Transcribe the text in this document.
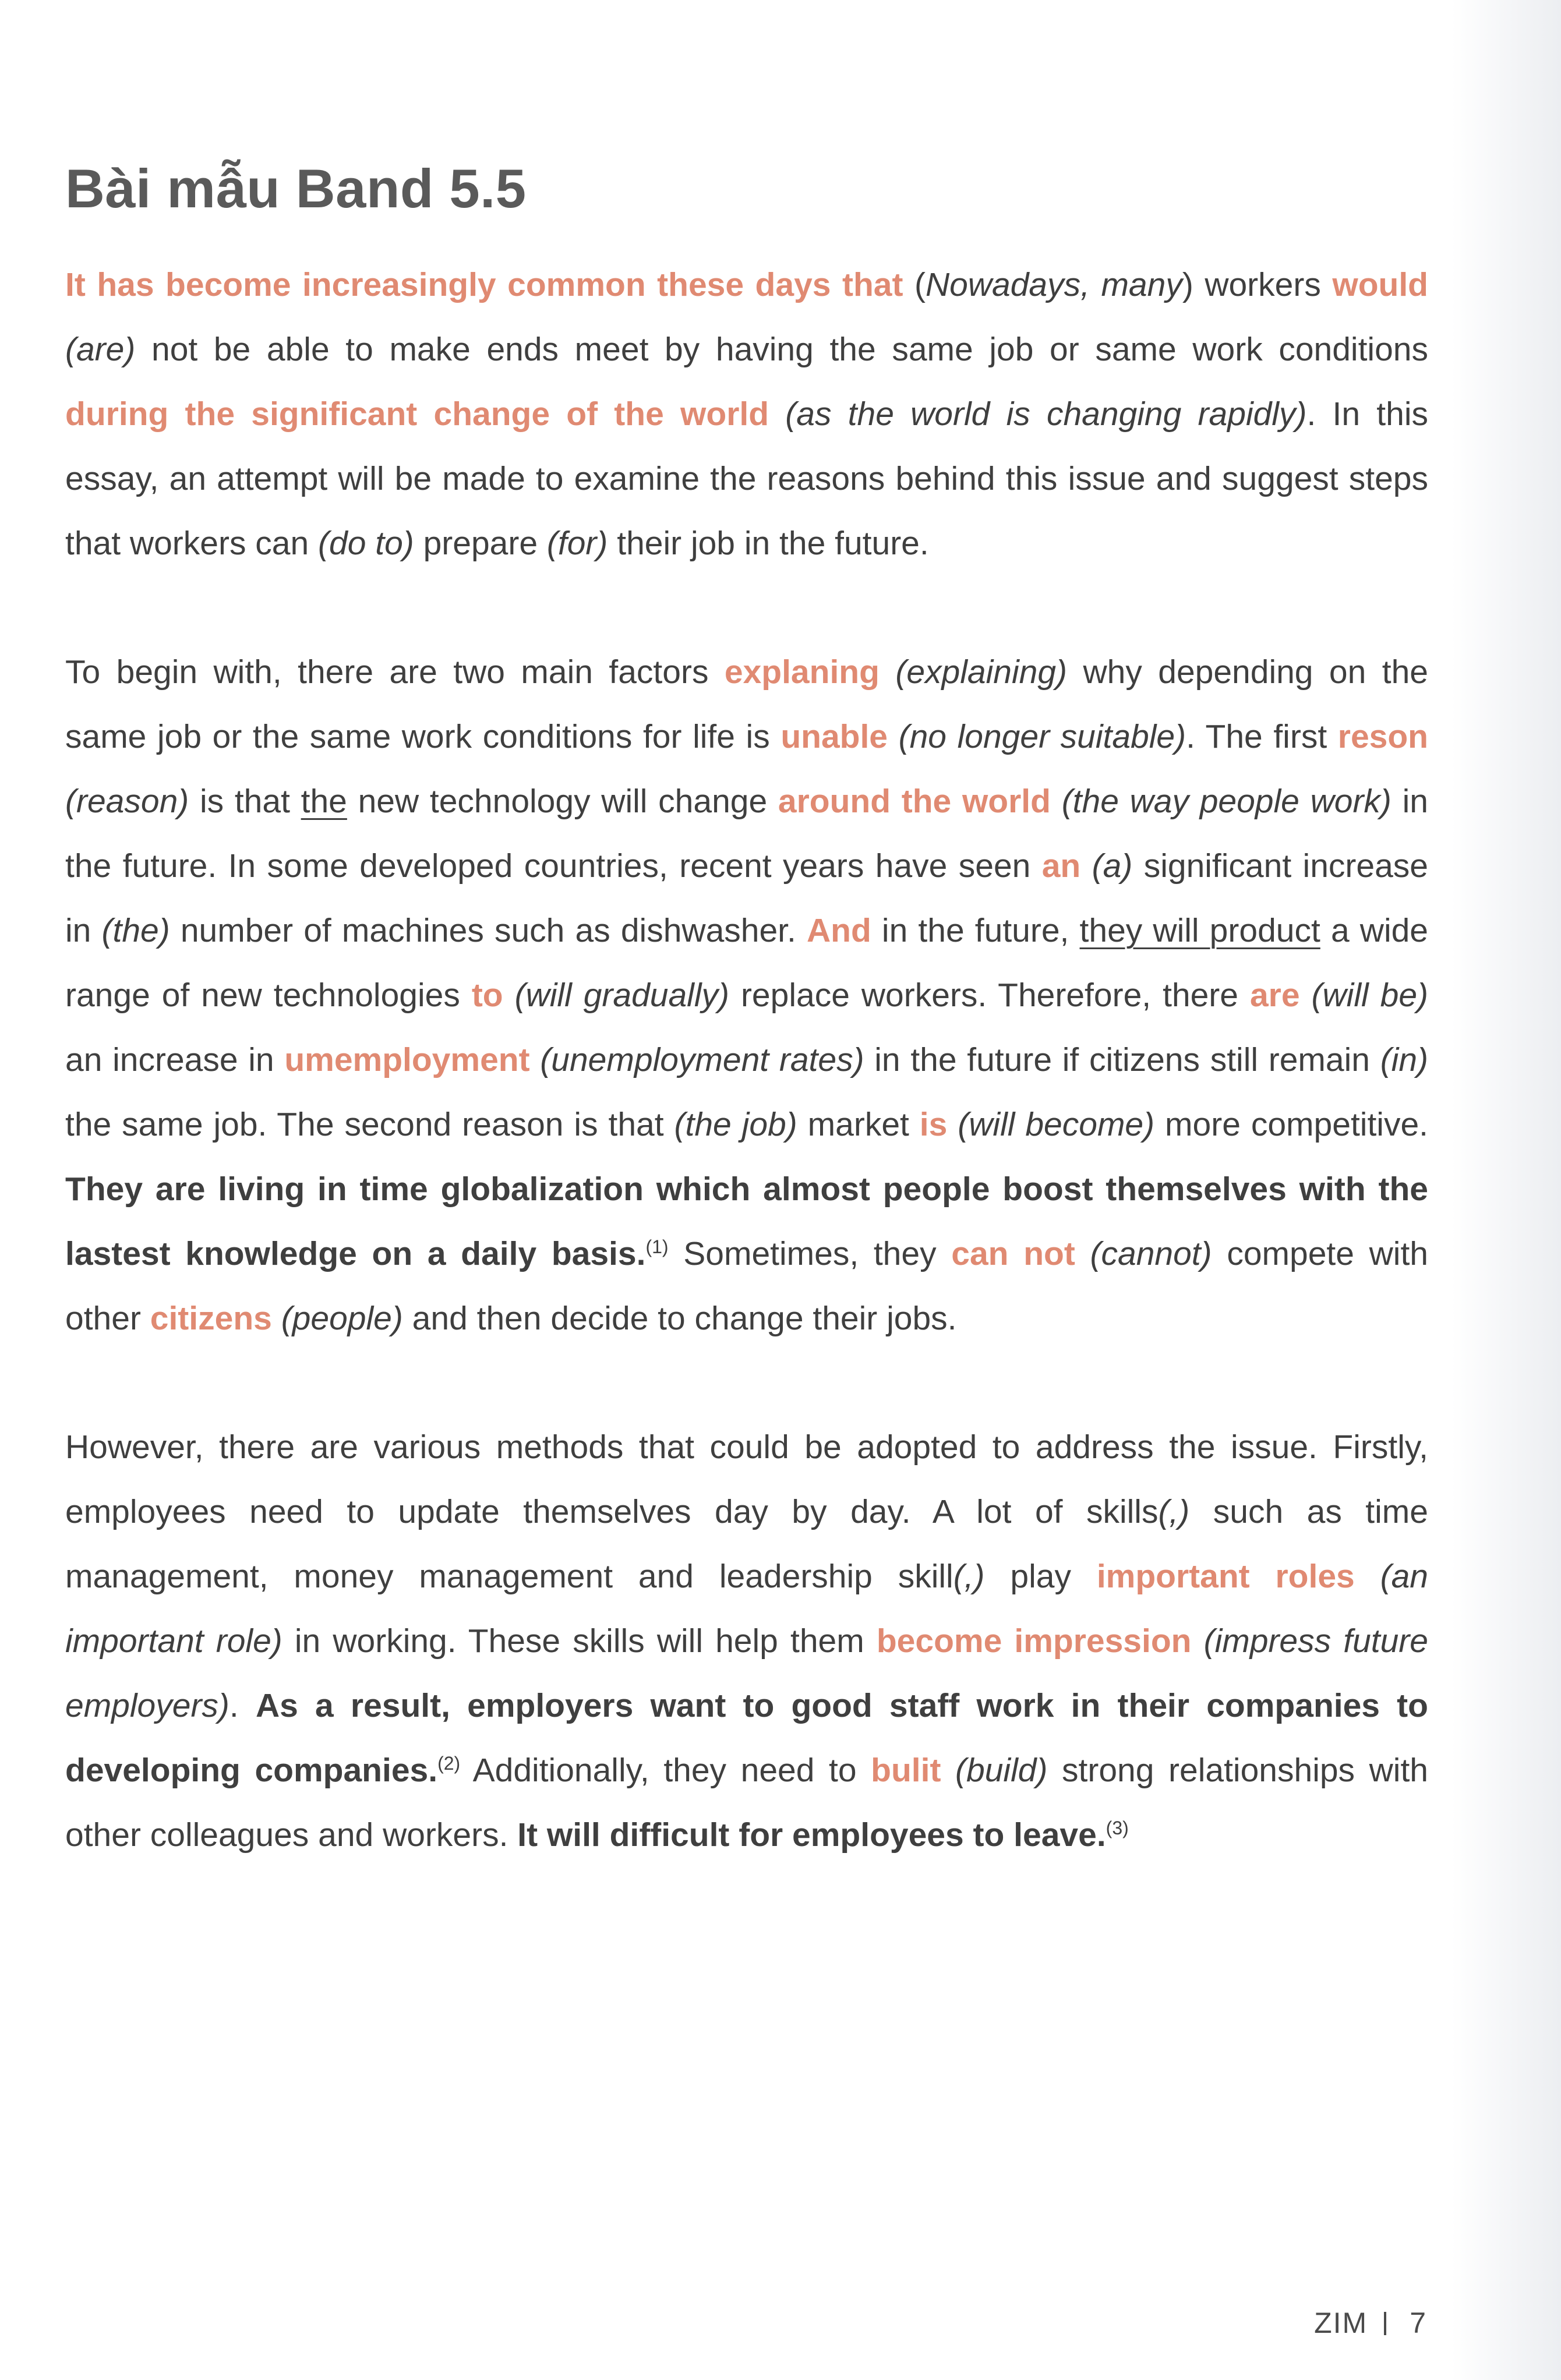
Bài mẫu Band 5.5

It has become increasingly common these days that (Nowadays, many) workers would (are) not be able to make ends meet by having the same job or same work conditions during the significant change of the world (as the world is changing rapidly). In this essay, an attempt will be made to examine the reasons behind this issue and suggest steps that workers can (do to) prepare (for) their job in the future.

To begin with, there are two main factors explaning (explaining) why depending on the same job or the same work conditions for life is unable (no longer suitable). The first reson (reason) is that the new technology will change around the world (the way people work) in the future. In some developed countries, recent years have seen an (a) significant increase in (the) number of machines such as dishwasher. And in the future, they will product a wide range of new technologies to (will gradually) replace workers. Therefore, there are (will be) an increase in umemployment (unemployment rates) in the future if citizens still remain (in) the same job. The second reason is that (the job) market is (will become) more competitive. They are living in time globalization which almost people boost themselves with the lastest knowledge on a daily basis.$^{(1)}$ Sometimes, they can not (cannot) compete with other citizens (people) and then decide to change their jobs.

However, there are various methods that could be adopted to address the issue. Firstly, employees need to update themselves day by day. A lot of skills(,) such as time management, money management and leadership skill(,) play important roles (an important role) in working. These skills will help them become impression (impress future employers). As a result, employers want to good staff work in their companies to developing companies.$^{(2)}$ Additionally, they need to bulit (build) strong relationships with other colleagues and workers. It will difficult for employees to leave.$^{(3)}$

ZIM 7
